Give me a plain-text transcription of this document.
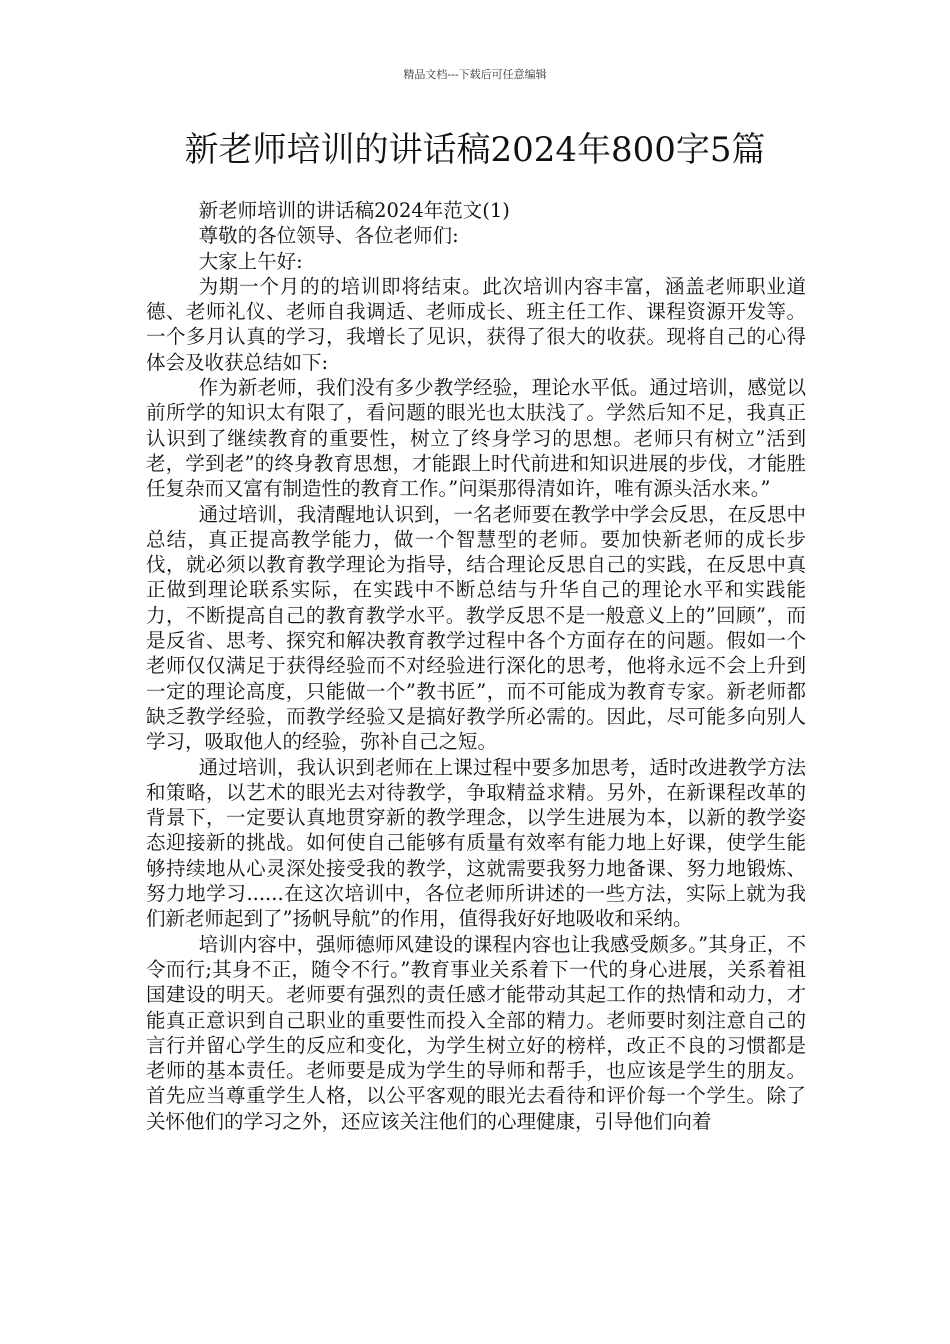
精品文档---下载后可任意编辑
新老师培训的讲话稿2024年800字5篇

新老师培训的讲话稿2024年范文(1)

尊敬的各位领导、各位老师们:

大家上午好:

为期一个月的的培训即将结束。此次培训内容丰富，涵盖老师职业道德、老师礼仪、老师自我调适、老师成长、班主任工作、课程资源开发等。一个多月认真的学习，我增长了见识，获得了很大的收获。现将自己的心得体会及收获总结如下:

作为新老师，我们没有多少教学经验，理论水平低。通过培训，感觉以前所学的知识太有限了，看问题的眼光也太肤浅了。学然后知不足，我真正认识到了继续教育的重要性，树立了终身学习的思想。老师只有树立”活到老，学到老”的终身教育思想，才能跟上时代前进和知识进展的步伐，才能胜任复杂而又富有制造性的教育工作。”问渠那得清如许，唯有源头活水来。”

通过培训，我清醒地认识到，一名老师要在教学中学会反思，在反思中总结，真正提高教学能力，做一个智慧型的老师。要加快新老师的成长步伐，就必须以教育教学理论为指导，结合理论反思自己的实践，在反思中真正做到理论联系实际，在实践中不断总结与升华自己的理论水平和实践能力，不断提高自己的教育教学水平。教学反思不是一般意义上的”回顾”，而是反省、思考、探究和解决教育教学过程中各个方面存在的问题。假如一个老师仅仅满足于获得经验而不对经验进行深化的思考，他将永远不会上升到一定的理论高度，只能做一个”教书匠”，而不可能成为教育专家。新老师都缺乏教学经验，而教学经验又是搞好教学所必需的。因此，尽可能多向别人学习，吸取他人的经验，弥补自己之短。

通过培训，我认识到老师在上课过程中要多加思考，适时改进教学方法和策略，以艺术的眼光去对待教学，争取精益求精。另外，在新课程改革的背景下，一定要认真地贯穿新的教学理念，以学生进展为本，以新的教学姿态迎接新的挑战。如何使自己能够有质量有效率有能力地上好课，使学生能够持续地从心灵深处接受我的教学，这就需要我努力地备课、努力地锻炼、努力地学习......在这次培训中，各位老师所讲述的一些方法，实际上就为我们新老师起到了”扬帆导航”的作用，值得我好好地吸收和采纳。

培训内容中，强师德师风建设的课程内容也让我感受颇多。”其身正，不令而行;其身不正，随令不行。”教育事业关系着下一代的身心进展，关系着祖国建设的明天。老师要有强烈的责任感才能带动其起工作的热情和动力，才能真正意识到自己职业的重要性而投入全部的精力。老师要时刻注意自己的言行并留心学生的反应和变化，为学生树立好的榜样，改正不良的习惯都是老师的基本责任。老师要是成为学生的导师和帮手，也应该是学生的朋友。首先应当尊重学生人格，以公平客观的眼光去看待和评价每一个学生。除了关怀他们的学习之外，还应该关注他们的心理健康，引导他们向着
